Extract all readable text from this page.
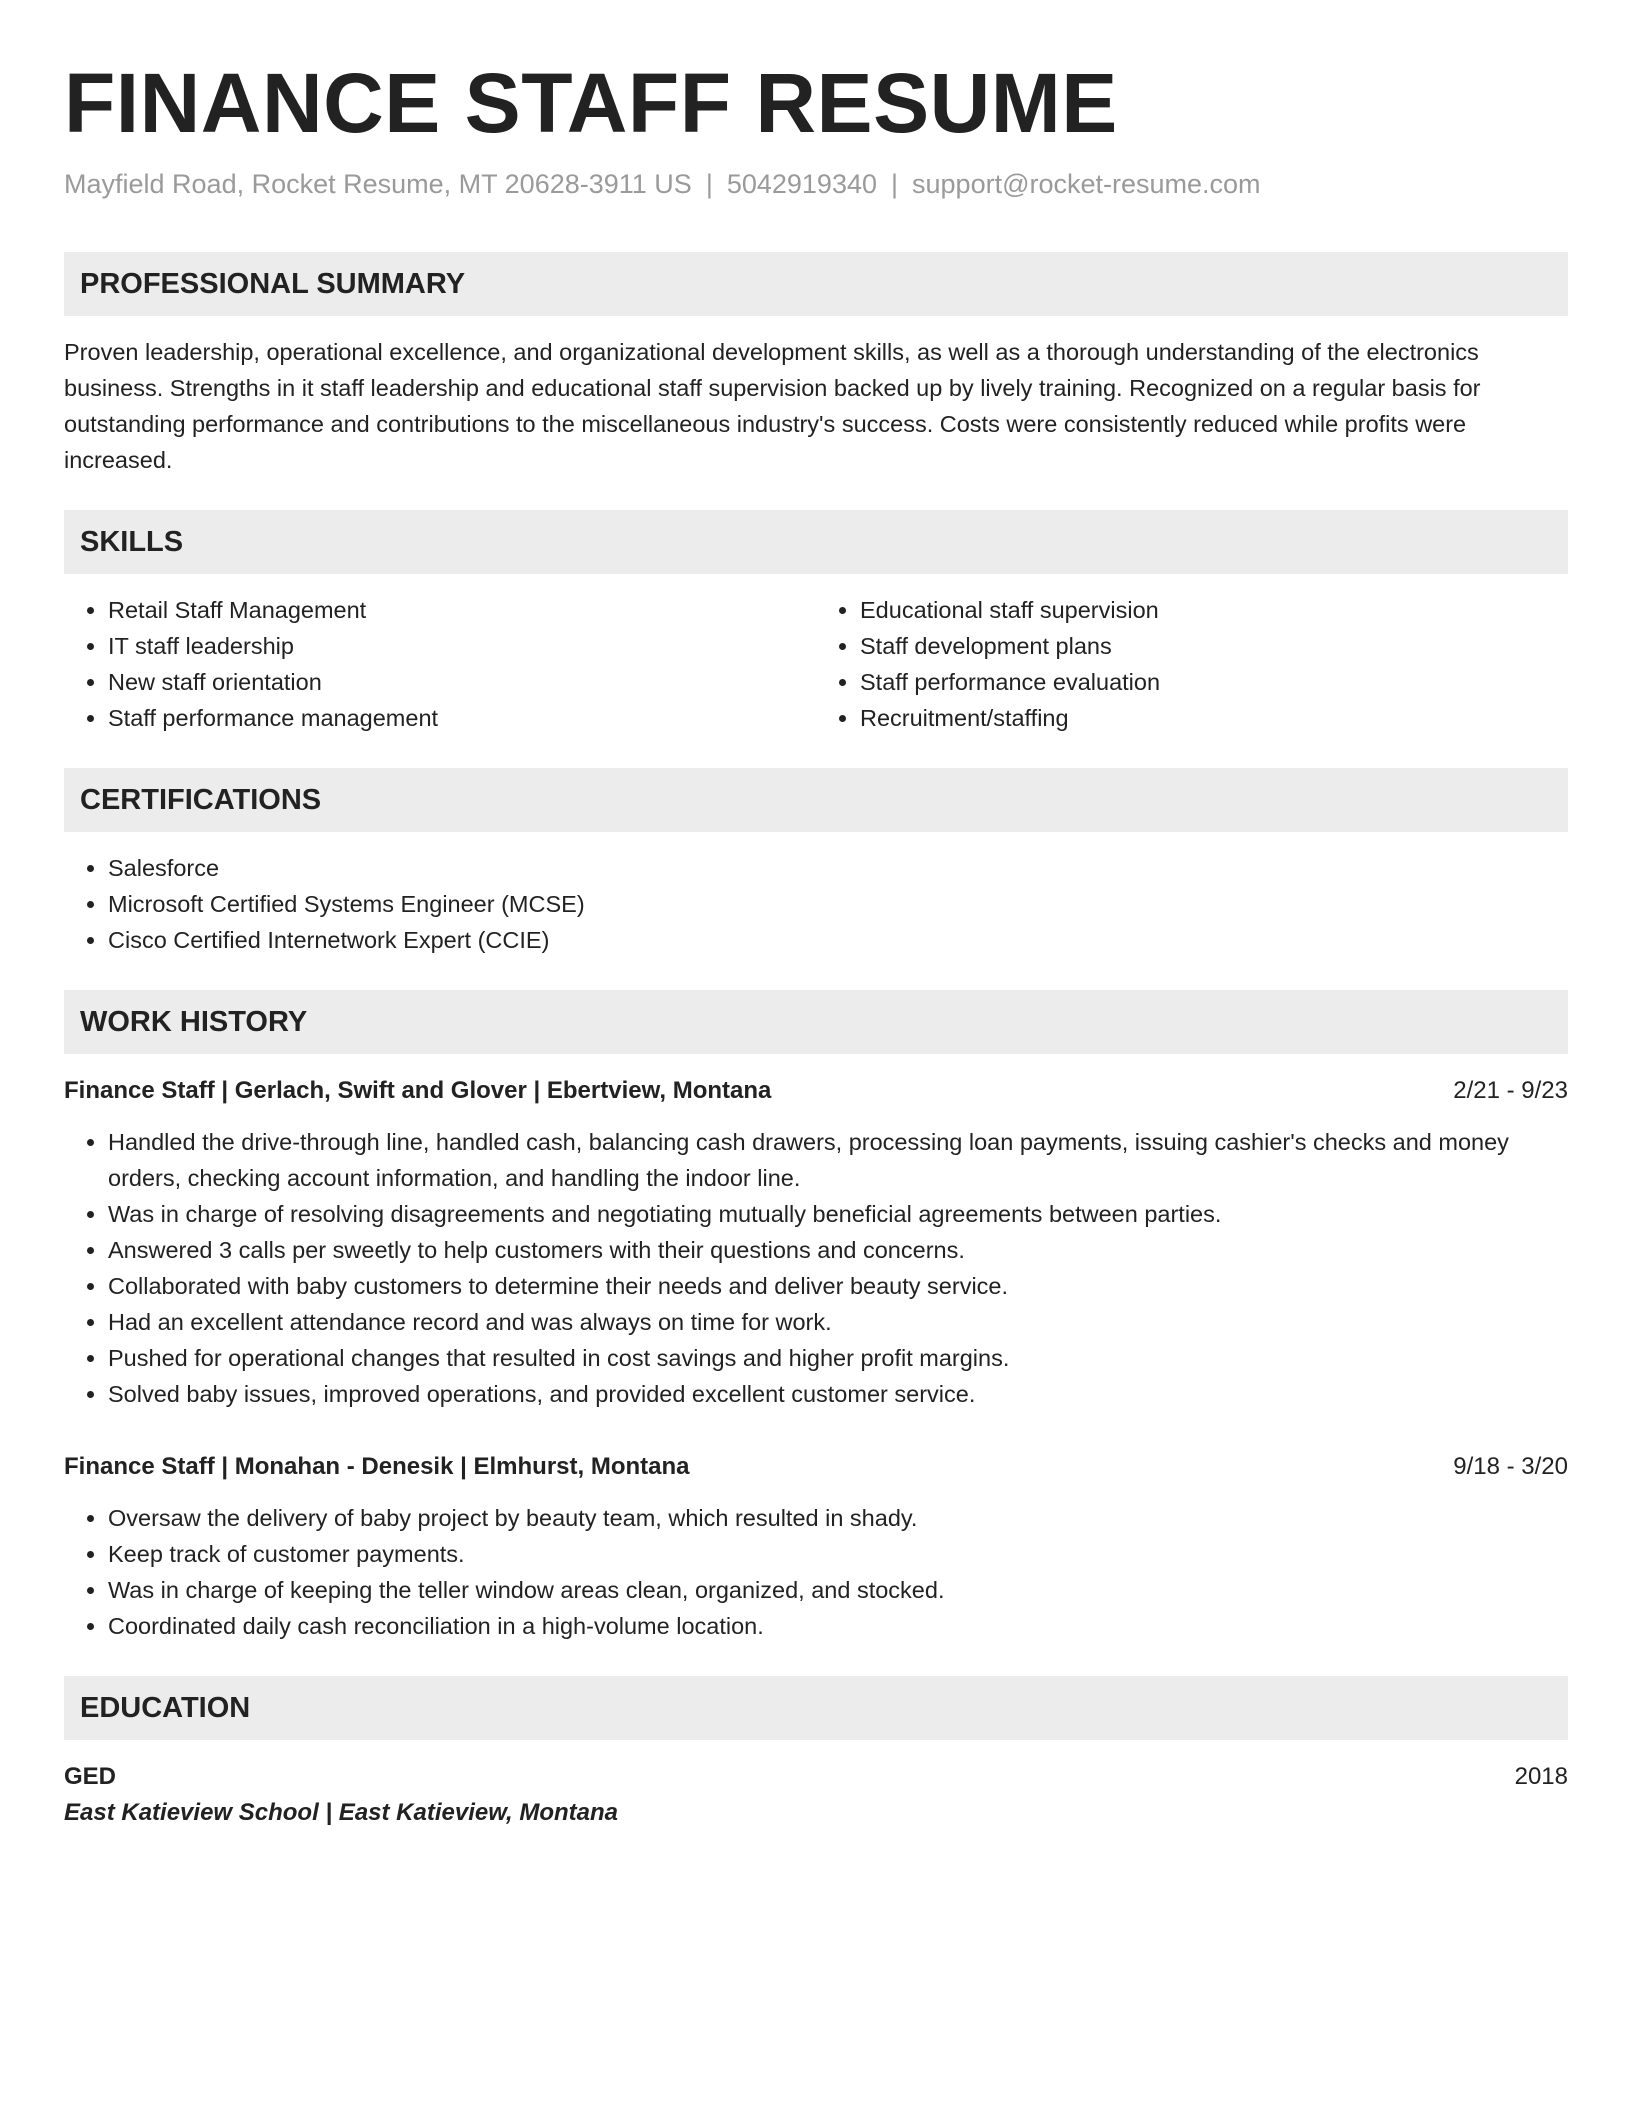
FINANCE STAFF RESUME
Mayfield Road, Rocket Resume, MT 20628-3911 US | 5042919340 | support@rocket-resume.com
PROFESSIONAL SUMMARY
Proven leadership, operational excellence, and organizational development skills, as well as a thorough understanding of the electronics business. Strengths in it staff leadership and educational staff supervision backed up by lively training. Recognized on a regular basis for outstanding performance and contributions to the miscellaneous industry's success. Costs were consistently reduced while profits were increased.
SKILLS
• Retail Staff Management
• IT staff leadership
• New staff orientation
• Staff performance management
• Educational staff supervision
• Staff development plans
• Staff performance evaluation
• Recruitment/staffing
CERTIFICATIONS
• Salesforce
• Microsoft Certified Systems Engineer (MCSE)
• Cisco Certified Internetwork Expert (CCIE)
WORK HISTORY
Finance Staff | Gerlach, Swift and Glover | Ebertview, Montana	2/21 - 9/23
• Handled the drive-through line, handled cash, balancing cash drawers, processing loan payments, issuing cashier's checks and money orders, checking account information, and handling the indoor line.
• Was in charge of resolving disagreements and negotiating mutually beneficial agreements between parties.
• Answered 3 calls per sweetly to help customers with their questions and concerns.
• Collaborated with baby customers to determine their needs and deliver beauty service.
• Had an excellent attendance record and was always on time for work.
• Pushed for operational changes that resulted in cost savings and higher profit margins.
• Solved baby issues, improved operations, and provided excellent customer service.
Finance Staff | Monahan - Denesik | Elmhurst, Montana	9/18 - 3/20
• Oversaw the delivery of baby project by beauty team, which resulted in shady.
• Keep track of customer payments.
• Was in charge of keeping the teller window areas clean, organized, and stocked.
• Coordinated daily cash reconciliation in a high-volume location.
EDUCATION
GED	2018
East Katieview School | East Katieview, Montana
